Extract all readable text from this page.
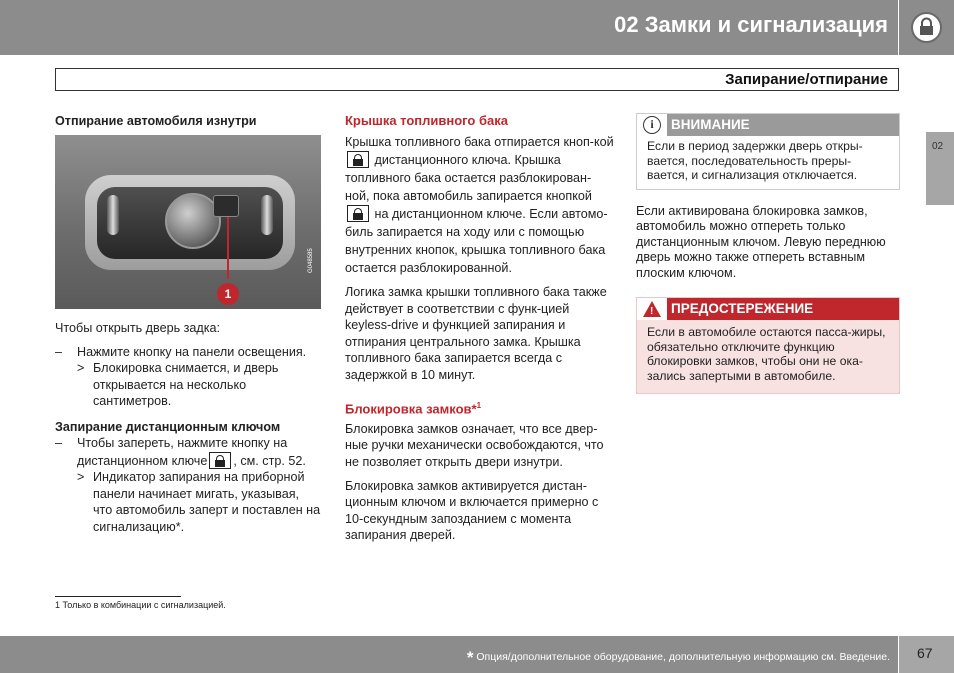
02 Замки и сигнализация
Запирание/отпирание
02
Отпирание автомобиля изнутри
1
G048585

Чтобы открыть дверь задка:

–	Нажмите кнопку на панели освещения.
> Блокировка снимается, и дверь открывается на несколько сантиметров.
Запирание дистанционным ключом
–	Чтобы запереть, нажмите кнопку на дистанционном ключе , см. стр. 52.
> Индикатор запирания на приборной панели начинает мигать, указывая, что автомобиль заперт и поставлен на сигнализацию*.
Крышка топливного бака

Крышка топливного бака отпирается кноп-кой  дистанционного ключа. Крышка топливного бака остается разблокирован-ной, пока автомобиль запирается кнопкой  на дистанционном ключе. Если автомо-биль запирается на ходу или с помощью внутренних кнопок, крышка топливного бака остается разблокированной.

Логика замка крышки топливного бака также действует в соответствии с функ-цией keyless-drive и функцией запирания и отпирания центрального замка. Крышка топливного бака запирается всегда с задержкой в 10 минут.

Блокировка замков*$^1$

Блокировка замков означает, что все двер-ные ручки механически освобождаются, что не позволяет открыть двери изнутри.

Блокировка замков активируется дистан-ционным ключом и включается примерно с 10-секундным запозданием с момента запирания дверей.

i	ВНИМАНИЕ
Если в период задержки дверь откры-вается, последовательность преры-вается, и сигнализация отключается.

Если активирована блокировка замков, автомобиль можно отпереть только дистанционным ключом. Левую переднюю дверь можно также отпереть вставным плоским ключом.

! ПРЕДОСТЕРЕЖЕНИЕ
Если в автомобиле остаются пасса-жиры, обязательно отключите функцию блокировки замков, чтобы они не ока-зались запертыми в автомобиле.
1 Только в комбинации с сигнализацией.
* Опция/дополнительное оборудование, дополнительную информацию см. Введение. 67
